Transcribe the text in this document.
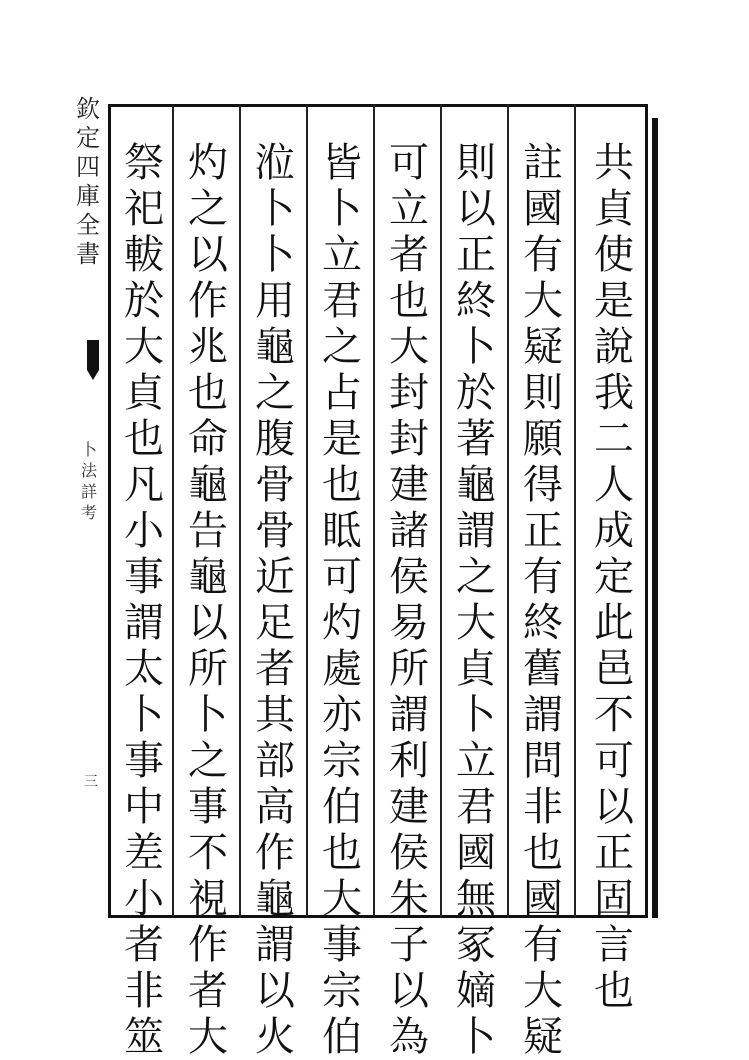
欽
定
四
庫
全
書
卜
法
詳
考
三
共
貞
使
是
說
我
二
人
成
定
此
邑
不
可
以
正
固
言
也
註
國
有
大
疑
則
願
得
正
有
終
舊
謂
問
非
也
國
有
大
疑
則
以
正
終
卜
於
著
龜
謂
之
大
貞
卜
立
君
國
無
冢
嫡
卜
可
立
者
也
大
封
封
建
諸
侯
易
所
謂
利
建
侯
朱
子
以
為
皆
卜
立
君
之
占
是
也
眡
可
灼
處
亦
宗
伯
也
大
事
宗
伯
涖
卜
卜
用
龜
之
腹
骨
骨
近
足
者
其
部
高
作
龜
謂
以
火
灼
之
以
作
兆
也
命
龜
告
龜
以
所
卜
之
事
不
視
作
者
大
祭
祀
軷
於
大
貞
也
凡
小
事
謂
太
卜
事
中
差
小
者
非
筮
